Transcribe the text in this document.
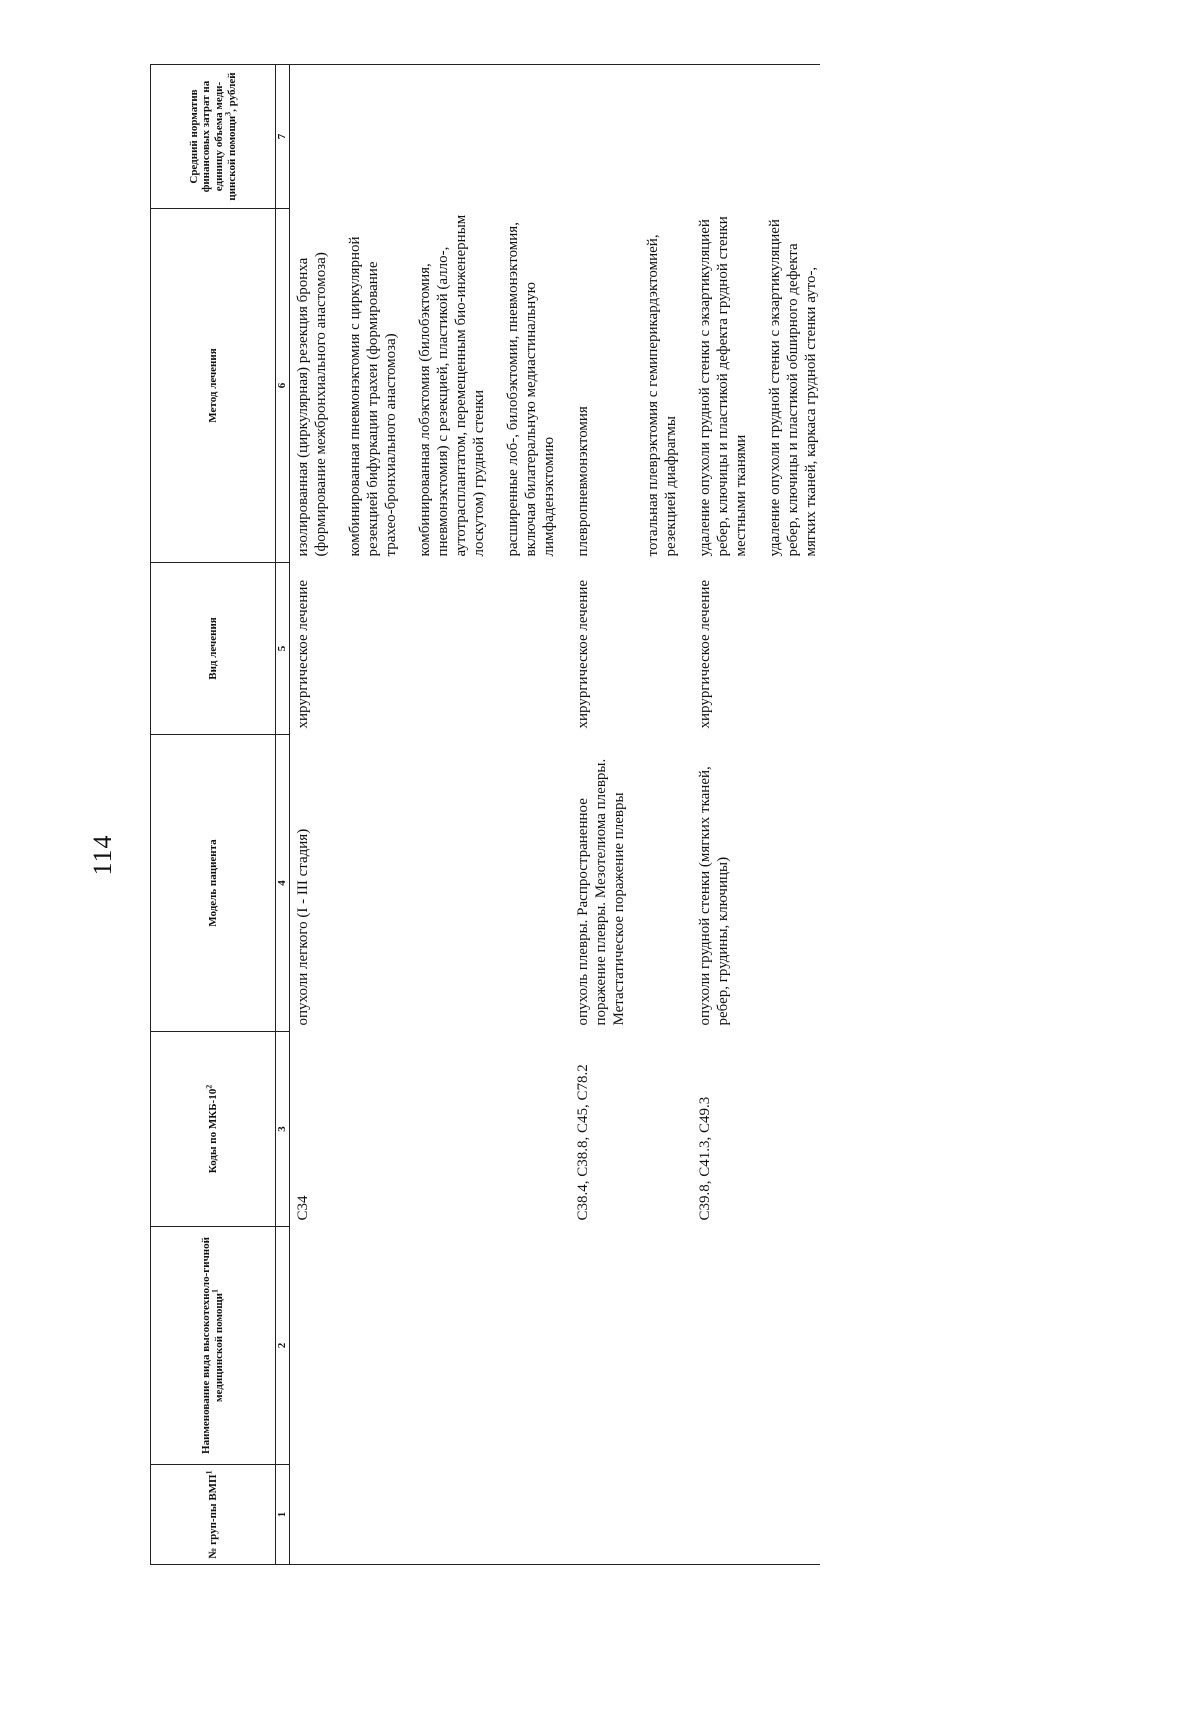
114
№ груп-пы ВМП$^1$	Наименование вида высокотехноло-гичной медицинской помощи$^1$	Коды по МКБ-$10^2$	Модель пациента	Вид лечения	Метод лечения	Средний норматив финансовых затрат на единицу объема меди-цинской помощи$^3$, рублей
1	2	3	4	5	6	7
		C34	опухоли легкого (I - III стадия)	хирургическое лечение	изолированная (циркулярная) резекция бронха (формирование межбронхиального анастомоза)	
					комбинированная пневмонэктомия с циркулярной резекцией бифуркации трахеи (формирование трахео-бронхиального анастомоза)	
					комбинированная лобэктомия (билобэктомия, пневмонэктомия) с резекцией, пластикой (алло-, аутотрасплантатом, перемещенным био-инженерным лоскутом) грудной стенки	
					расширенные лоб-, билобэктомии, пневмонэктомия, включая билатеральную медиастинальную лимфаденэктомию	
		C38.4, C38.8, C45, C78.2	опухоль плевры. Распространенное поражение плевры. Мезотелиома плевры. Метастатическое поражение плевры	хирургическое лечение	плевропневмонэктомия	
					тотальная плеврэктомия с гемиперикардэктомией, резекцией диафрагмы	
		C39.8, C41.3, C49.3	опухоли грудной стенки (мягких тканей, ребер, грудины, ключицы)	хирургическое лечение	удаление опухоли грудной стенки с экзартикуляцией ребер, ключицы и пластикой дефекта грудной стенки местными тканями	
					удаление опухоли грудной стенки с экзартикуляцией ребер, ключицы и пластикой обширного дефекта мягких тканей, каркаса грудной стенки ауто-,	
